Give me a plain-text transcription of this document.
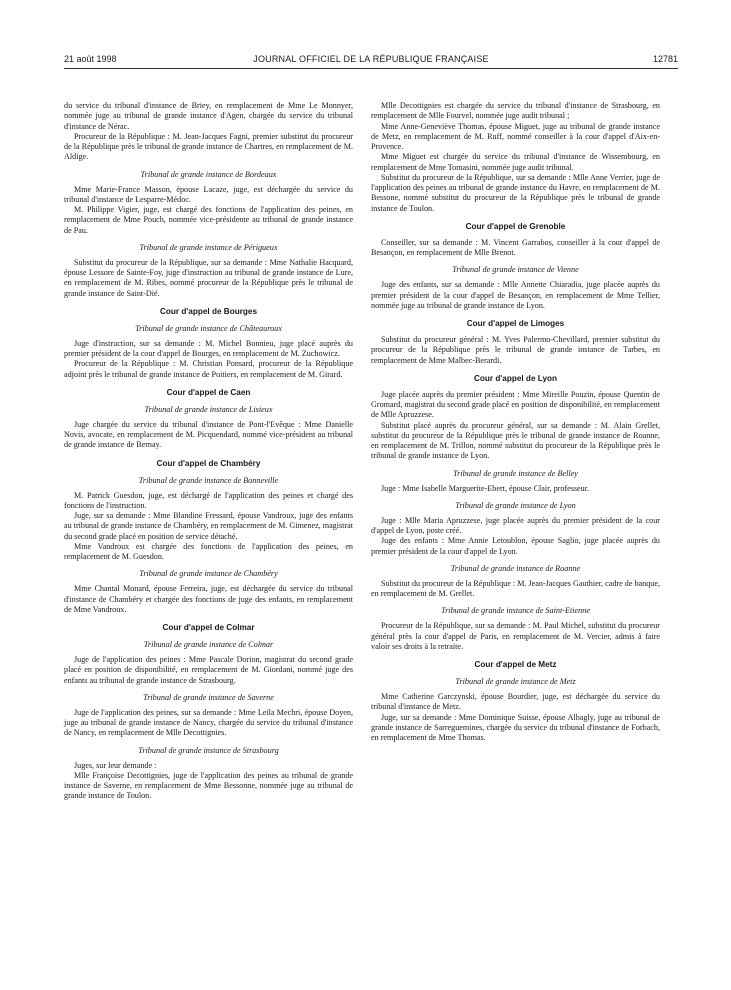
21 août 1998	JOURNAL OFFICIEL DE LA RÉPUBLIQUE FRANÇAISE	12781

du service du tribunal d'instance de Briey, en remplacement de Mme Le Monnyer, nommée juge au tribunal de grande instance d'Agen, chargée du service du tribunal d'instance de Nérac.

Procureur de la République : M. Jean-Jacques Fagni, premier substitut du procureur de la République près le tribunal de grande instance de Chartres, en remplacement de M. Aldige.

Tribunal de grande instance de Bordeaux

Mme Marie-France Masson, épouse Lacaze, juge, est déchargée du service du tribunal d'instance de Lesparre-Médoc.

M. Philippe Vigier, juge, est chargé des fonctions de l'application des peines, en remplacement de Mme Pouch, nommée vice-présidente au tribunal de grande instance de Pau.

Tribunal de grande instance de Périgueux

Substitut du procureur de la République, sur sa demande : Mme Nathalie Hacquard, épouse Lessore de Sainte-Foy, juge d'instruction au tribunal de grande instance de Lure, en remplacement de M. Ribes, nommé procureur de la République près le tribunal de grande instance de Saint-Dié.

Cour d'appel de Bourges
Tribunal de grande instance de Châteauroux

Juge d'instruction, sur sa demande : M. Michel Bonnieu, juge placé auprès du premier président de la cour d'appel de Bourges, en remplacement de M. Zuchowicz.

Procureur de la République : M. Christian Ponsard, procureur de la République adjoint près le tribunal de grande instance de Poitiers, en remplacement de M. Girard.

Cour d'appel de Caen
Tribunal de grande instance de Lisieux

Juge chargée du service du tribunal d'instance de Pont-l'Evêque : Mme Danielle Novis, avocate, en remplacement de M. Picquendard, nommé vice-président au tribunal de grande instance de Bernay.

Cour d'appel de Chambéry
Tribunal de grande instance de Bonneville

M. Patrick Guesdon, juge, est déchargé de l'application des peines et chargé des fonctions de l'instruction.

Juge, sur sa demande : Mme Blandine Fressard, épouse Vandroux, juge des enfants au tribunal de grande instance de Chambéry, en remplacement de M. Gimenez, magistrat du second grade placé en position de service détaché.

Mme Vandroux est chargée des fonctions de l'application des peines, en remplacement de M. Guesdon.

Tribunal de grande instance de Chambéry

Mme Chantal Monard, épouse Ferreira, juge, est déchargée du service du tribunal d'instance de Chambéry et chargée des fonctions de juge des enfants, en remplacement de Mme Vandroux.

Cour d'appel de Colmar
Tribunal de grande instance de Colmar

Juge de l'application des peines : Mme Pascale Dorion, magistrat du second grade placé en position de disponibilité, en remplacement de M. Giordani, nommé juge des enfants au tribunal de grande instance de Strasbourg.

Tribunal de grande instance de Saverne

Juge de l'application des peines, sur sa demande : Mme Leila Mechri, épouse Doyen, juge au tribunal de grande instance de Nancy, chargée du service du tribunal d'instance de Nancy, en remplacement de Mlle Decottignies.

Tribunal de grande instance de Strasbourg

Juges, sur leur demande :

Mlle Françoise Decottignies, juge de l'application des peines au tribunal de grande instance de Saverne, en remplacement de Mme Bessonne, nommée juge au tribunal de grande instance de Toulon.

Mlle Decottignies est chargée du service du tribunal d'instance de Strasbourg, en remplacement de Mlle Fourvel, nommée juge audit tribunal ;

Mme Anne-Geneviève Thomas, épouse Miguet, juge au tribunal de grande instance de Metz, en remplacement de M. Ruff, nommé conseiller à la cour d'appel d'Aix-en-Provence.

Mme Miguet est chargée du service du tribunal d'instance de Wissembourg, en remplacement de Mme Tomasini, nommée juge audit tribunal.

Substitut du procureur de la République, sur sa demande : Mlle Anne Verrier, juge de l'application des peines au tribunal de grande instance du Havre, en remplacement de M. Bessone, nommé substitut du procureur de la République près le tribunal de grande instance de Toulon.

Cour d'appel de Grenoble

Conseiller, sur sa demande : M. Vincent Garrabos, conseiller à la cour d'appel de Besançon, en remplacement de Mlle Brenot.

Tribunal de grande instance de Vienne

Juge des enfants, sur sa demande : Mlle Annette Chiaradia, juge placée auprès du premier président de la cour d'appel de Besançon, en remplacement de Mme Tellier, nommée juge au tribunal de grande instance de Lyon.

Cour d'appel de Limoges

Substitut du procureur général : M. Yves Palermo-Chevillard, premier substitut du procureur de la République près le tribunal de grande instance de Tarbes, en remplacement de Mme Malbec-Berardi.

Cour d'appel de Lyon

Juge placée auprès du premier président : Mme Mireille Pouzin, épouse Quentin de Gromard, magistrat du second grade placé en position de disponibilité, en remplacement de Mlle Apruzzese.

Substitut placé auprès du procureur général, sur sa demande : M. Alain Grellet, substitut du procureur de la République près le tribunal de grande instance de Roanne, en remplacement de M. Trillon, nommé substitut du procureur de la République près le tribunal de grande instance de Lyon.

Tribunal de grande instance de Belley

Juge : Mme Isabelle Marguerite-Ebert, épouse Clair, professeur.

Tribunal de grande instance de Lyon

Juge : Mlle Maria Apruzzese, juge placée auprès du premier président de la cour d'appel de Lyon, poste créé.

Juge des enfants : Mme Annie Letoublon, épouse Saglio, juge placée auprès du premier président de la cour d'appel de Lyon.

Tribunal de grande instance de Roanne

Substitut du procureur de la République : M. Jean-Jacques Gauthier, cadre de banque, en remplacement de M. Grellet.

Tribunal de grande instance de Saint-Etienne

Procureur de la République, sur sa demande : M. Paul Michel, substitut du procureur général près la cour d'appel de Paris, en remplacement de M. Vercier, admis à faire valoir ses droits à la retraite.

Cour d'appel de Metz
Tribunal de grande instance de Metz

Mme Catherine Garczynski, épouse Bourdier, juge, est déchargée du service du tribunal d'instance de Metz.

Juge, sur sa demande : Mme Dominique Suisse, épouse Albagly, juge au tribunal de grande instance de Sarreguemines, chargée du service du tribunal d'instance de Forbach, en remplacement de Mme Thomas.
